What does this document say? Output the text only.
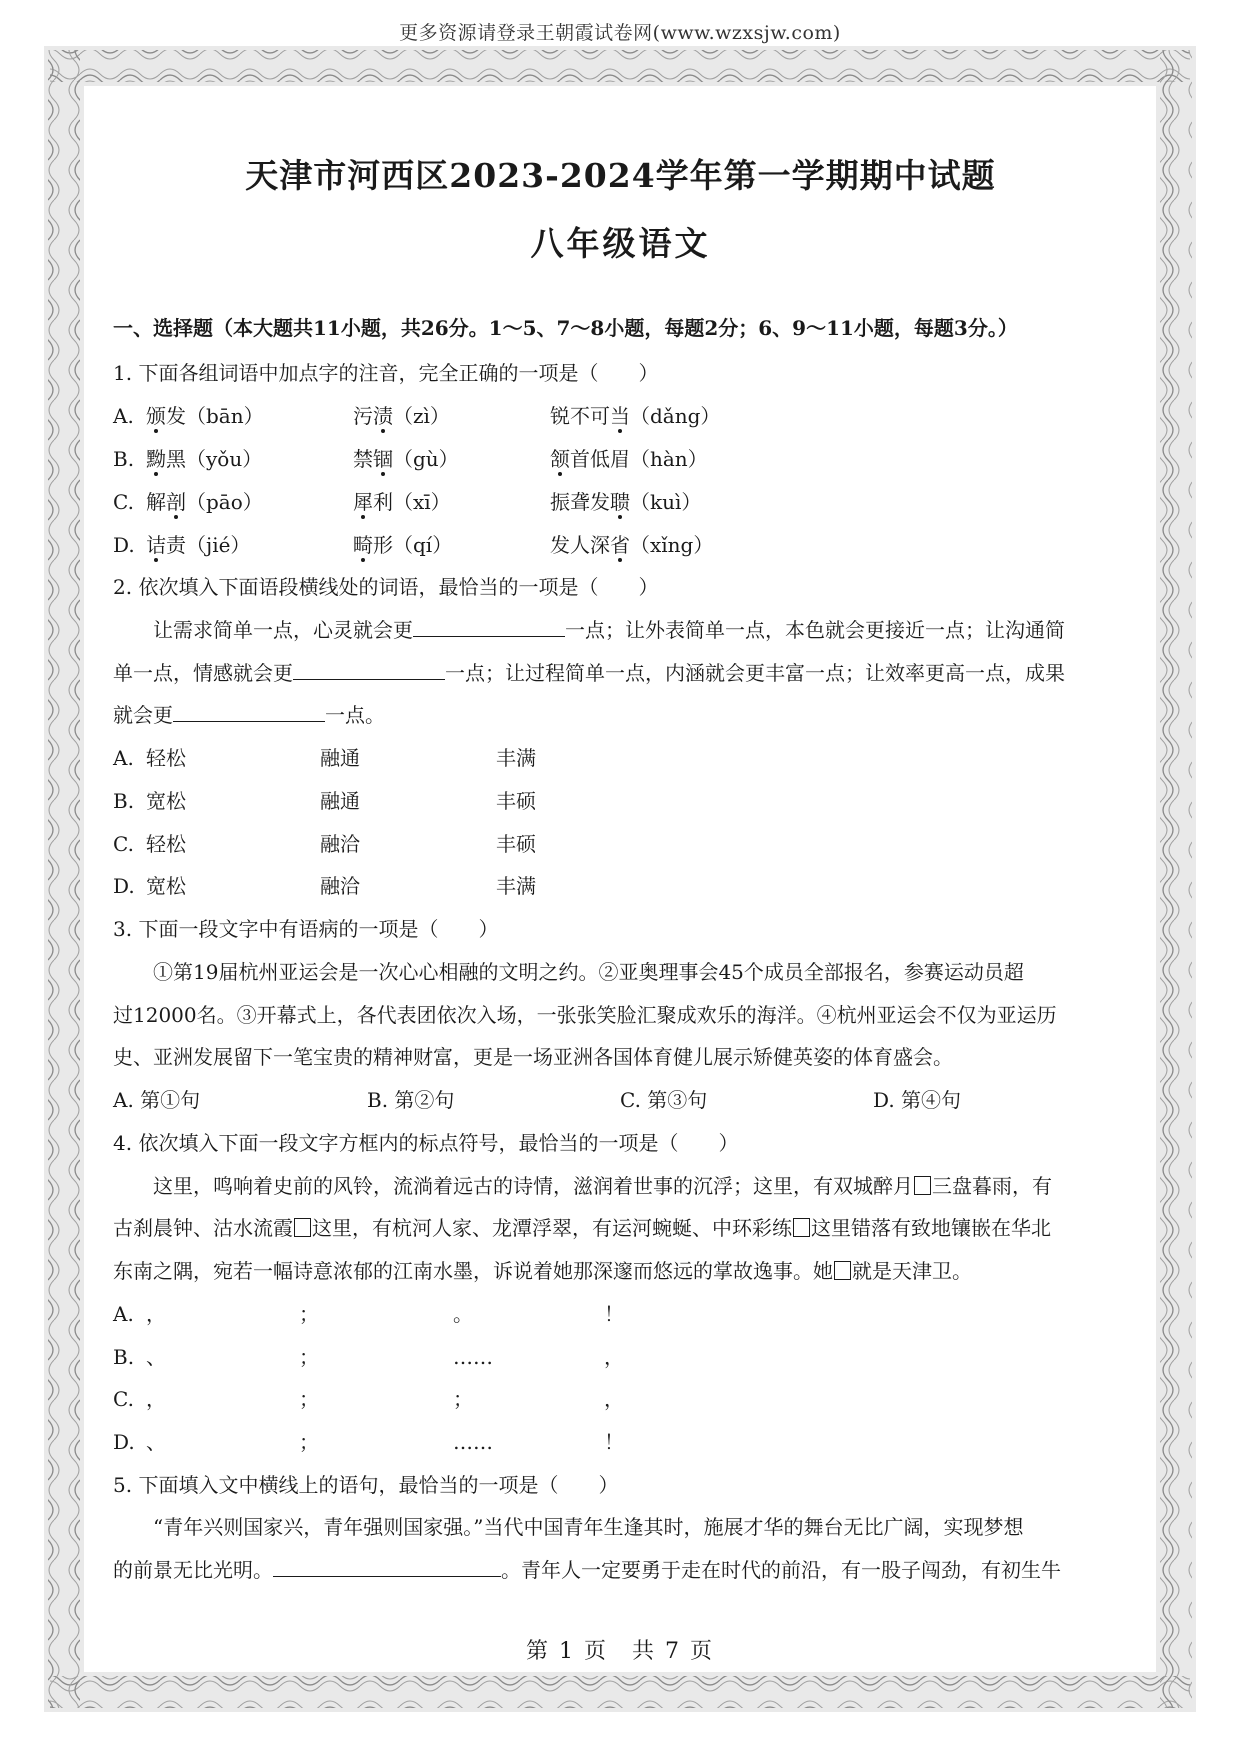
更多资源请登录王朝霞试卷网(www.wzxsjw.com)
天津市河西区2023-2024学年第一学期期中试题
八年级语文
一、选择题（本大题共11小题，共26分。1～5、7～8小题，每题2分；6、9～11小题，每题3分。）
1. 下面各组词语中加点字的注音，完全正确的一项是（　　）
A. 颁发（bān）	污渍（zì）	锐不可当（dǎng）
B. 黝黑（yǒu）	禁锢（gù）	颔首低眉（hàn）
C. 解剖（pāo）	犀利（xī）	振聋发聩（kuì）
D. 诘责（jié）	畸形（qí）	发人深省（xǐng）
2. 依次填入下面语段横线处的词语，最恰当的一项是（　　）
让需求简单一点，心灵就会更	一点；让外表简单一点，本色就会更接近一点；让沟通简
单一点，情感就会更	一点；让过程简单一点，内涵就会更丰富一点；让效率更高一点，成果
就会更	一点。
A. 轻松	融通	丰满
B. 宽松	融通	丰硕
C. 轻松	融洽	丰硕
D. 宽松	融洽	丰满
3. 下面一段文字中有语病的一项是（　　）
①第19届杭州亚运会是一次心心相融的文明之约。②亚奥理事会45个成员全部报名，参赛运动员超
过12000名。③开幕式上，各代表团依次入场，一张张笑脸汇聚成欢乐的海洋。④杭州亚运会不仅为亚运历
史、亚洲发展留下一笔宝贵的精神财富，更是一场亚洲各国体育健儿展示矫健英姿的体育盛会。
A. 第①句	B. 第②句	C. 第③句	D. 第④句
4. 依次填入下面一段文字方框内的标点符号，最恰当的一项是（　　）
这里，鸣响着史前的风铃，流淌着远古的诗情，滋润着世事的沉浮；这里，有双城醉月 三盘暮雨，有
古刹晨钟、沽水流霞 这里，有杭河人家、龙潭浮翠，有运河蜿蜒、中环彩练 这里错落有致地镶嵌在华北
东南之隅，宛若一幅诗意浓郁的江南水墨，诉说着她那深邃而悠远的掌故逸事。她 就是天津卫。
A. ，	；	。	！
B. 、	；	……	，
C. ，	；	；	，
D. 、	；	……	！
5. 下面填入文中横线上的语句，最恰当的一项是（　　）
“青年兴则国家兴，青年强则国家强。”当代中国青年生逢其时，施展才华的舞台无比广阔，实现梦想
的前景无比光明。	。青年人一定要勇于走在时代的前沿，有一股子闯劲，有初生牛
第 1 页　共 7 页
